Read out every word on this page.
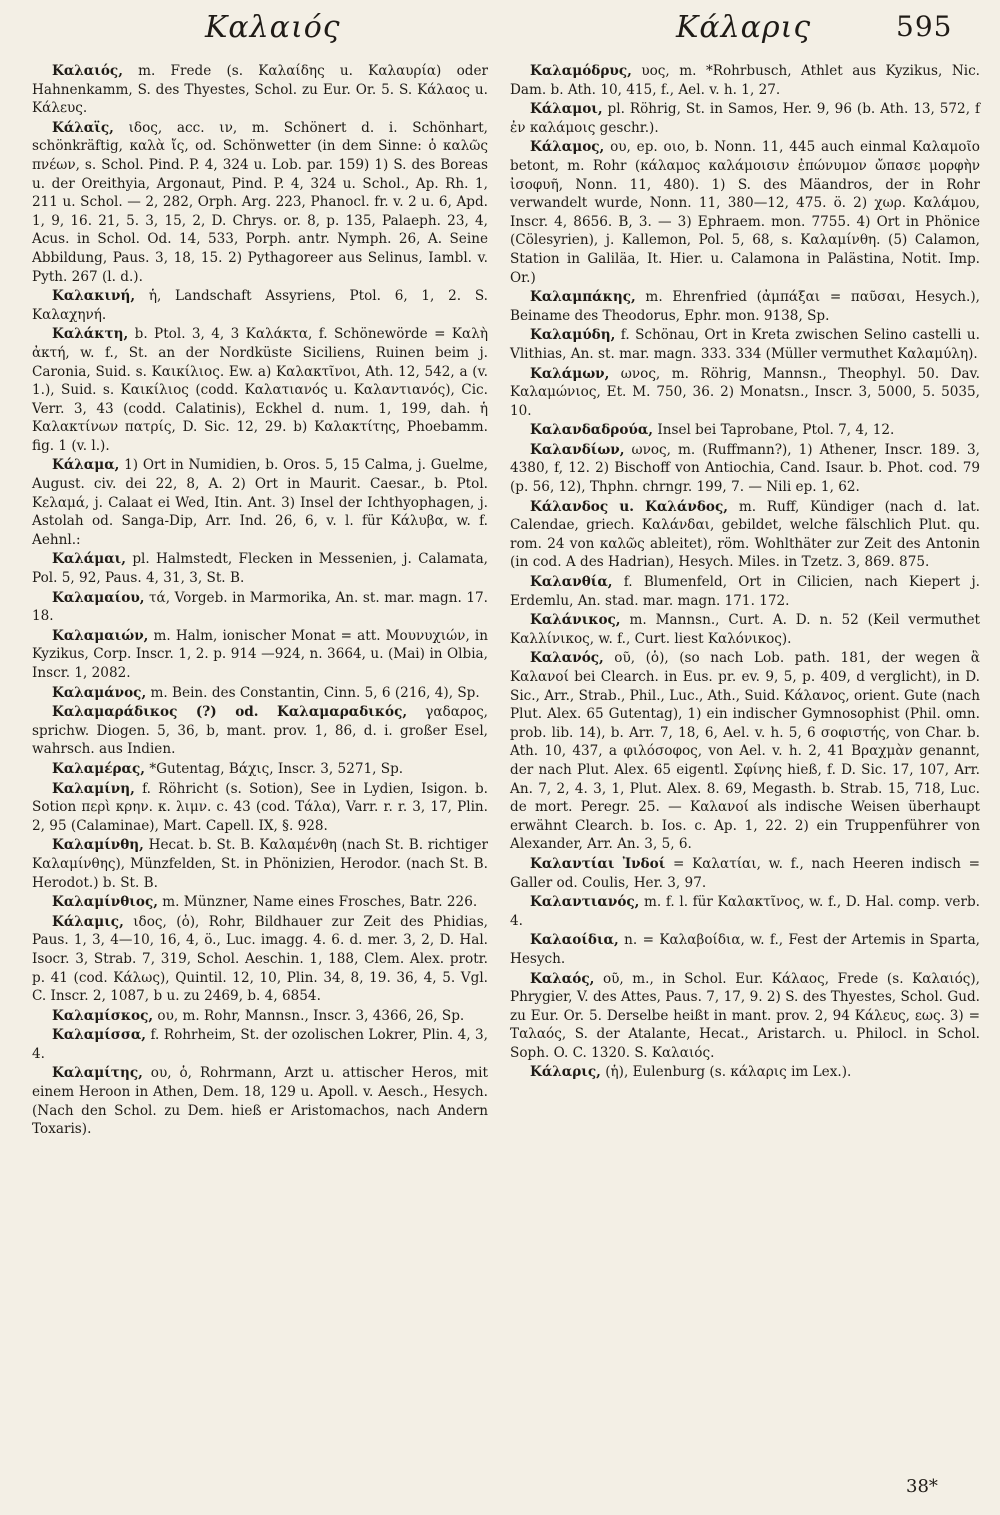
Καλαιός	Κάλαρις	595

Καλαιός, m. Frede (s. Καλαίδης u. Καλαυρία) oder Hahnenkamm, S. des Thyestes, Schol. zu Eur. Or. 5. S. Κάλαος u. Κάλευς.

Κάλαϊς, ιδος, acc. ιν, m. Schönert d. i. Schönhart, schönkräftig, καλὰ ἴς, od. Schönwetter (in dem Sinne: ὁ καλῶς πνέων, s. Schol. Pind. P. 4, 324 u. Lob. par. 159) 1) S. des Boreas u. der Oreithyia, Argonaut, Pind. P. 4, 324 u. Schol., Ap. Rh. 1, 211 u. Schol. — 2, 282, Orph. Arg. 223, Phanocl. fr. v. 2 u. 6, Apd. 1, 9, 16. 21, 5. 3, 15, 2, D. Chrys. or. 8, p. 135, Palaeph. 23, 4, Acus. in Schol. Od. 14, 533, Porph. antr. Nymph. 26, A. Seine Abbildung, Paus. 3, 18, 15. 2) Pythagoreer aus Selinus, Iambl. v. Pyth. 267 (l. d.).

Καλακινή, ἡ, Landschaft Assyriens, Ptol. 6, 1, 2. S. Καλαχηνή.

Καλάκτη, b. Ptol. 3, 4, 3 Καλάκτα, f. Schönewörde = Καλὴ ἀκτή, w. f., St. an der Nordküste Siciliens, Ruinen beim j. Caronia, Suid. s. Καικίλιος. Ew. a) Καλακτῖνοι, Ath. 12, 542, a (v. 1.), Suid. s. Καικίλιος (codd. Καλατιανός u. Καλαντιανός), Cic. Verr. 3, 43 (codd. Calatinis), Eckhel d. num. 1, 199, dah. ἡ Καλακτίνων πατρίς, D. Sic. 12, 29. b) Καλακτίτης, Phoebamm. fig. 1 (v. l.).

Κάλαμα, 1) Ort in Numidien, b. Oros. 5, 15 Calma, j. Guelme, August. civ. dei 22, 8, A. 2) Ort in Maurit. Caesar., b. Ptol. Κελαμά, j. Calaat ei Wed, Itin. Ant. 3) Insel der Ichthyophagen, j. Astolah od. Sanga-Dip, Arr. Ind. 26, 6, v. l. für Κάλυβα, w. f. Aehnl.:

Καλάμαι, pl. Halmstedt, Flecken in Messenien, j. Calamata, Pol. 5, 92, Paus. 4, 31, 3, St. B.

Καλαμαίου, τά, Vorgeb. in Marmorika, An. st. mar. magn. 17. 18.

Καλαμαιών, m. Halm, ionischer Monat = att. Μουνυχιών, in Kyzikus, Corp. Inscr. 1, 2. p. 914 —924, n. 3664, u. (Mai) in Olbia, Inscr. 1, 2082.

Καλαμάνος, m. Bein. des Constantin, Cinn. 5, 6 (216, 4), Sp.

Καλαμαράδικος (?) od. Καλαμαραδικός, γαδαρος, sprichw. Diogen. 5, 36, b, mant. prov. 1, 86, d. i. großer Esel, wahrsch. aus Indien.

Καλαμέρας, *Gutentag, Βάχις, Inscr. 3, 5271, Sp.

Καλαμίνη, f. Röhricht (s. Sotion), See in Lydien, Isigon. b. Sotion περὶ κρην. κ. λιμν. c. 43 (cod. Τάλα), Varr. r. r. 3, 17, Plin. 2, 95 (Calaminae), Mart. Capell. IX, §. 928.

Καλαμίνθη, Hecat. b. St. B. Καλαμένθη (nach St. B. richtiger Καλαμίνθης), Münzfelden, St. in Phönizien, Herodor. (nach St. B. Herodot.) b. St. B.

Καλαμίνθιος, m. Münzner, Name eines Frosches, Batr. 226.

Κάλαμις, ιδος, (ὁ), Rohr, Bildhauer zur Zeit des Phidias, Paus. 1, 3, 4—10, 16, 4, ö., Luc. imagg. 4. 6. d. mer. 3, 2, D. Hal. Isocr. 3, Strab. 7, 319, Schol. Aeschin. 1, 188, Clem. Alex. protr. p. 41 (cod. Κάλως), Quintil. 12, 10, Plin. 34, 8, 19. 36, 4, 5. Vgl. C. Inscr. 2, 1087, b u. zu 2469, b. 4, 6854.

Καλαμίσκος, ου, m. Rohr, Mannsn., Inscr. 3, 4366, 26, Sp.

Καλαμίσσα, f. Rohrheim, St. der ozolischen Lokrer, Plin. 4, 3, 4.

Καλαμίτης, ου, ὁ, Rohrmann, Arzt u. attischer Heros, mit einem Heroon in Athen, Dem. 18, 129 u. Apoll. v. Aesch., Hesych. (Nach den Schol. zu Dem. hieß er Aristomachos, nach Andern Toxaris).

Καλαμόδρυς, υος, m. *Rohrbusch, Athlet aus Kyzikus, Nic. Dam. b. Ath. 10, 415, f., Ael. v. h. 1, 27.

Κάλαμοι, pl. Röhrig, St. in Samos, Her. 9, 96 (b. Ath. 13, 572, f ἐν καλάμοις geschr.).

Κάλαμος, ου, ep. οιο, b. Nonn. 11, 445 auch einmal Καλαμοῖο betont, m. Rohr (κάλαμος καλάμοισιν ἐπώνυμον ὤπασε μορφὴν ἰσοφυῆ, Nonn. 11, 480). 1) S. des Mäandros, der in Rohr verwandelt wurde, Nonn. 11, 380—12, 475. ö. 2) χωρ. Καλάμου, Inscr. 4, 8656. B, 3. — 3) Ephraem. mon. 7755. 4) Ort in Phönice (Cölesyrien), j. Kallemon, Pol. 5, 68, s. Καλαμίνθη. (5) Calamon, Station in Galiläa, It. Hier. u. Calamona in Palästina, Notit. Imp. Or.)

Καλαμπάκης, m. Ehrenfried (ἀμπάξαι = παῦσαι, Hesych.), Beiname des Theodorus, Ephr. mon. 9138, Sp.

Καλαμύδη, f. Schönau, Ort in Kreta zwischen Selino castelli u. Vlithias, An. st. mar. magn. 333. 334 (Müller vermuthet Καλαμύλη).

Καλάμων, ωνος, m. Röhrig, Mannsn., Theophyl. 50. Dav. Καλαμώνιος, Et. M. 750, 36. 2) Monatsn., Inscr. 3, 5000, 5. 5035, 10.

Καλανδαδρούα, Insel bei Taprobane, Ptol. 7, 4, 12.

Καλανδίων, ωνος, m. (Ruffmann?), 1) Athener, Inscr. 189. 3, 4380, f, 12. 2) Bischoff von Antiochia, Cand. Isaur. b. Phot. cod. 79 (p. 56, 12), Thphn. chrngr. 199, 7. — Nili ep. 1, 62.

Κάλανδος u. Καλάνδος, m. Ruff, Kündiger (nach d. lat. Calendae, griech. Καλάνδαι, gebildet, welche fälschlich Plut. qu. rom. 24 von καλῶς ableitet), röm. Wohlthäter zur Zeit des Antonin (in cod. A des Hadrian), Hesych. Miles. in Tzetz. 3, 869. 875.

Καλανθία, f. Blumenfeld, Ort in Cilicien, nach Kiepert j. Erdemlu, An. stad. mar. magn. 171. 172.

Καλάνικος, m. Mannsn., Curt. A. D. n. 52 (Keil vermuthet Καλλίνικος, w. f., Curt. liest Καλόνικος).

Καλανός, οῦ, (ὁ), (so nach Lob. path. 181, der wegen ἃ Καλανοί bei Clearch. in Eus. pr. ev. 9, 5, p. 409, d verglicht), in D. Sic., Arr., Strab., Phil., Luc., Ath., Suid. Κάλανος, orient. Gute (nach Plut. Alex. 65 Gutentag), 1) ein indischer Gymnosophist (Phil. omn. prob. lib. 14), b. Arr. 7, 18, 6, Ael. v. h. 5, 6 σοφιστής, von Char. b. Ath. 10, 437, a φιλόσοφος, von Ael. v. h. 2, 41 Βραχμὰν genannt, der nach Plut. Alex. 65 eigentl. Σφίνης hieß, f. D. Sic. 17, 107, Arr. An. 7, 2, 4. 3, 1, Plut. Alex. 8. 69, Megasth. b. Strab. 15, 718, Luc. de mort. Peregr. 25. — Καλανοί als indische Weisen überhaupt erwähnt Clearch. b. Ios. c. Ap. 1, 22. 2) ein Truppenführer von Alexander, Arr. An. 3, 5, 6.

Καλαντίαι Ἰνδοί = Καλατίαι, w. f., nach Heeren indisch = Galler od. Coulis, Her. 3, 97.

Καλαντιανός, m. f. l. für Καλακτῖνος, w. f., D. Hal. comp. verb. 4.

Καλαοίδια, n. = Καλαβοίδια, w. f., Fest der Artemis in Sparta, Hesych.

Καλαός, οῦ, m., in Schol. Eur. Κάλαος, Frede (s. Καλαιός), Phrygier, V. des Attes, Paus. 7, 17, 9. 2) S. des Thyestes, Schol. Gud. zu Eur. Or. 5. Derselbe heißt in mant. prov. 2, 94 Κάλευς, εως. 3) = Ταλαός, S. der Atalante, Hecat., Aristarch. u. Philocl. in Schol. Soph. O. C. 1320. S. Καλαιός.

Κάλαρις, (ἡ), Eulenburg (s. κάλαρις im Lex.).

38*
